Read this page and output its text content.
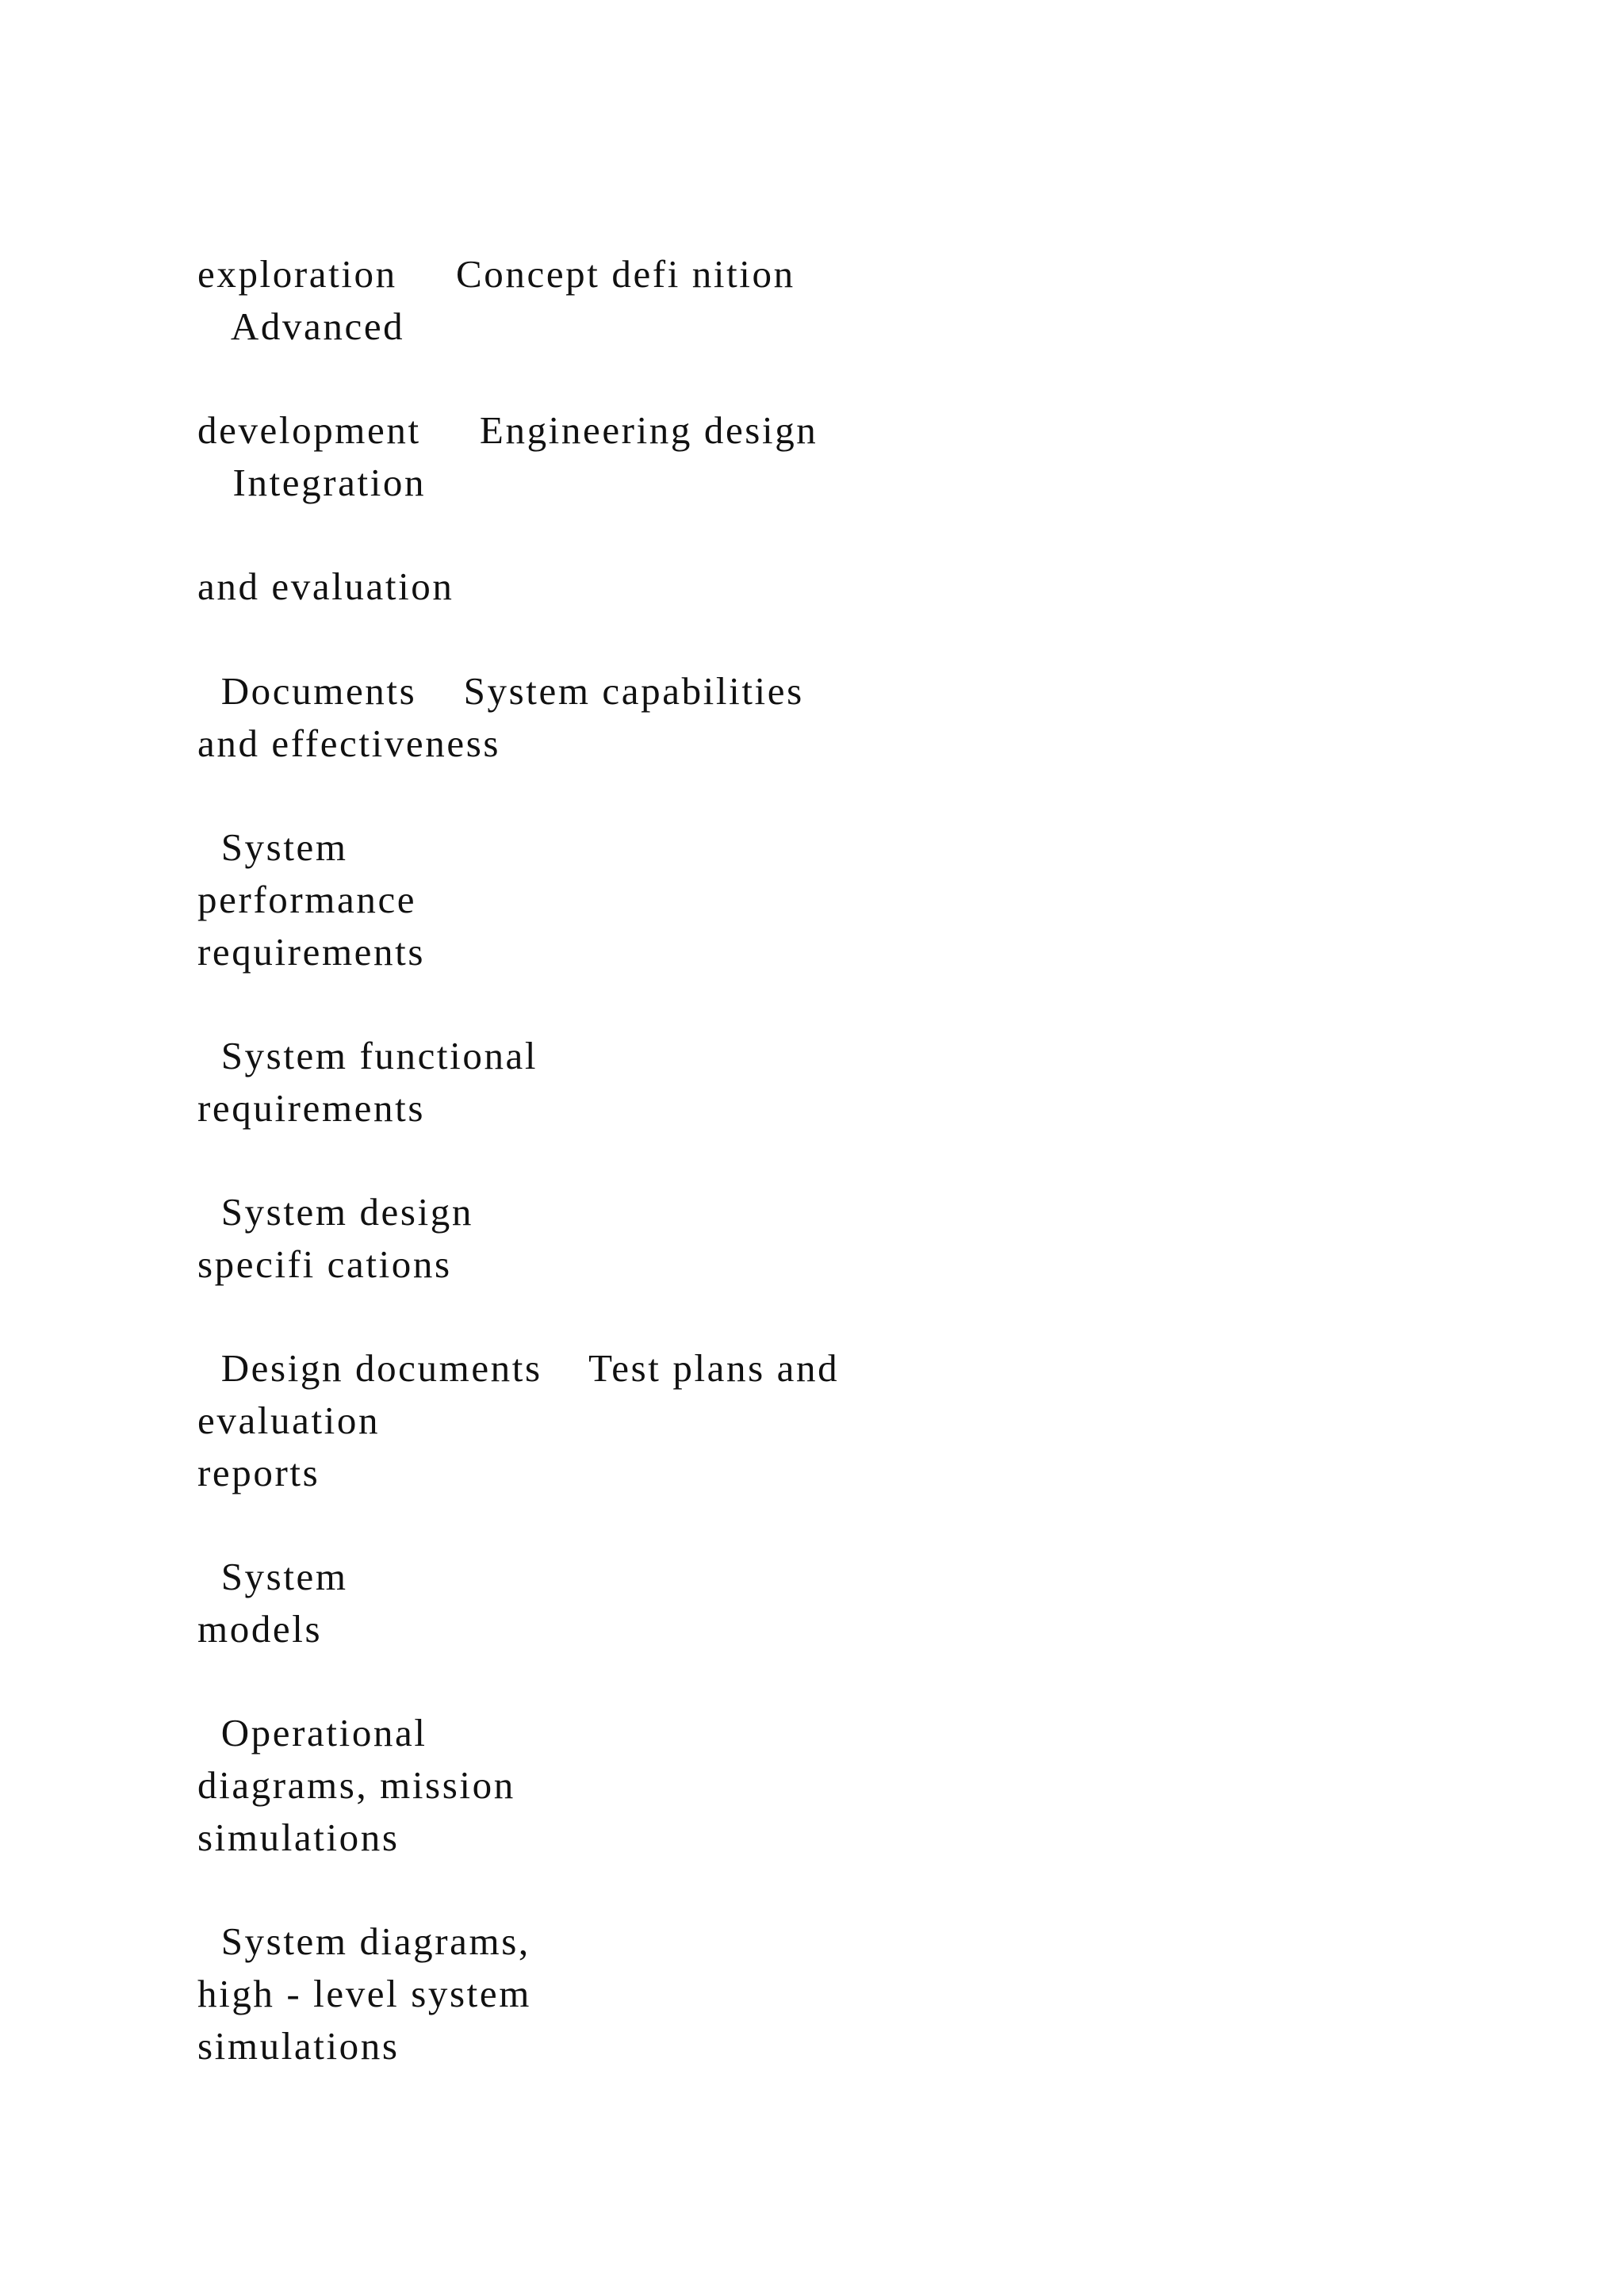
exploration     Concept defi nition

Advanced

development     Engineering design

Integration

and evaluation

Documents    System capabilities

and effectiveness

System

performance

requirements

System functional

requirements

System design

specifi cations

Design documents    Test plans and

evaluation

reports

System

models

Operational

diagrams, mission

simulations

System diagrams,

high - level system

simulations
